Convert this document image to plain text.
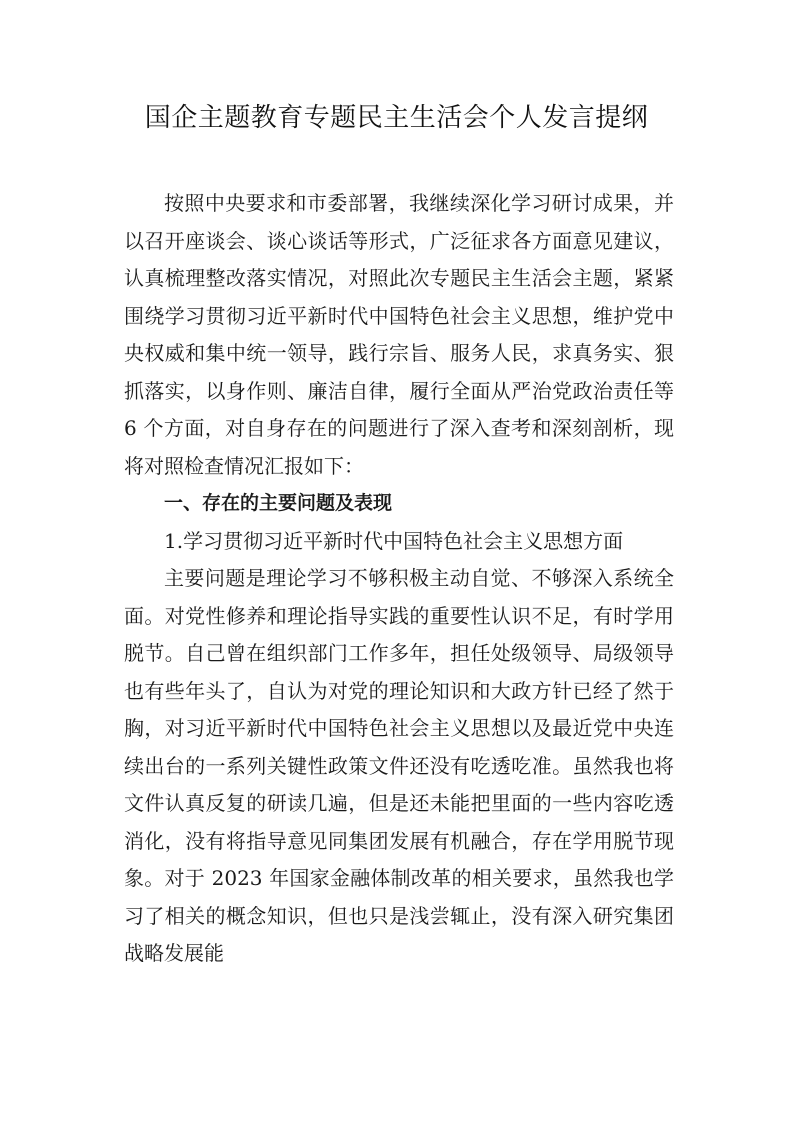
国企主题教育专题民主生活会个人发言提纲

按照中央要求和市委部署，我继续深化学习研讨成果，并以召开座谈会、谈心谈话等形式，广泛征求各方面意见建议，认真梳理整改落实情况，对照此次专题民主生活会主题，紧紧围绕学习贯彻习近平新时代中国特色社会主义思想，维护党中央权威和集中统一领导，践行宗旨、服务人民，求真务实、狠抓落实，以身作则、廉洁自律，履行全面从严治党政治责任等 6 个方面，对自身存在的问题进行了深入查考和深刻剖析，现将对照检查情况汇报如下：

一、存在的主要问题及表现

1.学习贯彻习近平新时代中国特色社会主义思想方面

主要问题是理论学习不够积极主动自觉、不够深入系统全面。对党性修养和理论指导实践的重要性认识不足，有时学用脱节。自己曾在组织部门工作多年，担任处级领导、局级领导也有些年头了，自认为对党的理论知识和大政方针已经了然于胸，对习近平新时代中国特色社会主义思想以及最近党中央连续出台的一系列关键性政策文件还没有吃透吃准。虽然我也将文件认真反复的研读几遍，但是还未能把里面的一些内容吃透消化，没有将指导意见同集团发展有机融合，存在学用脱节现象。对于 2023 年国家金融体制改革的相关要求，虽然我也学习了相关的概念知识，但也只是浅尝辄止，没有深入研究集团战略发展能
